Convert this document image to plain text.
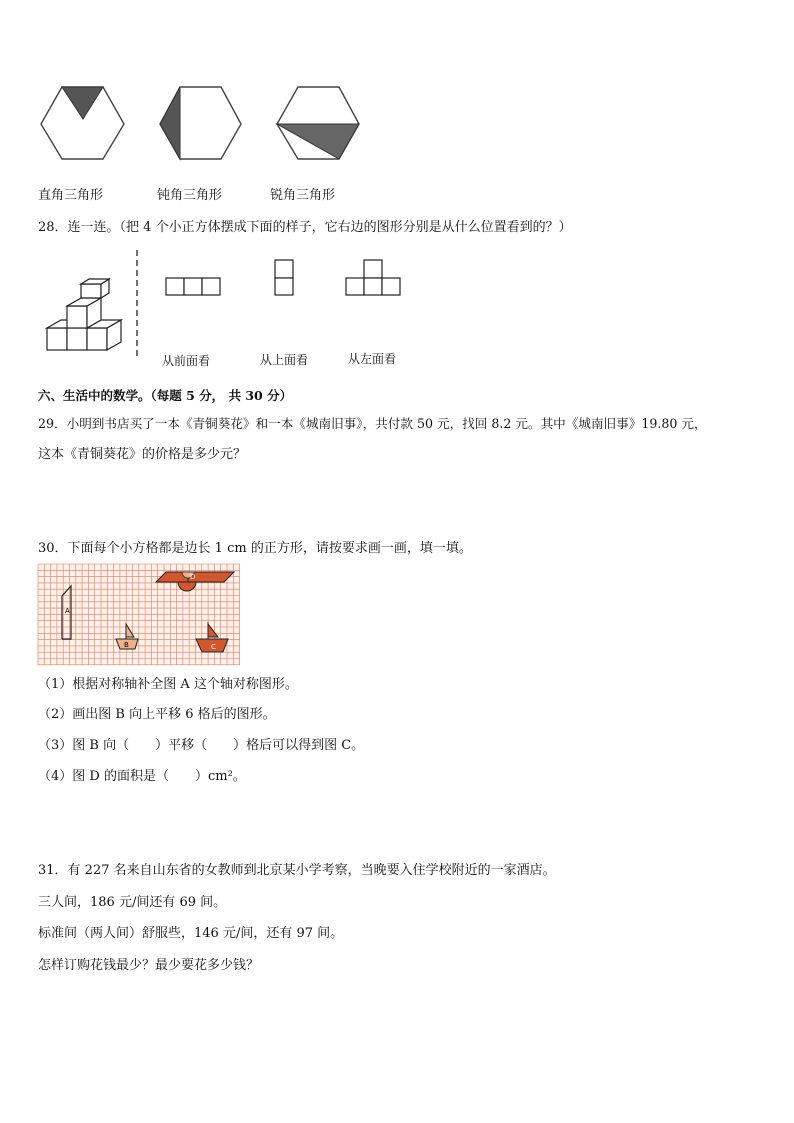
直角三角形	钝角三角形	锐角三角形
28．连一连。（把 4 个小正方体摆成下面的样子，它右边的图形分别是从什么位置看到的？）
从前面看	从上面看	从左面看
六、生活中的数学。（每题 5 分， 共 30 分）
29．小明到书店买了一本《青铜葵花》和一本《城南旧事》，共付款 50 元，找回 8.2 元。其中《城南旧事》19.80 元，
这本《青铜葵花》的价格是多少元？
30．下面每个小方格都是边长 1 cm 的正方形，请按要求画一画，填一填。
A
B	C
D
（1）根据对称轴补全图 A 这个轴对称图形。
（2）画出图 B 向上平移 6 格后的图形。
（3）图 B 向（　　）平移（　　）格后可以得到图 C。
（4）图 D 的面积是（　　）cm²。
31．有 227 名来自山东省的女教师到北京某小学考察，当晚要入住学校附近的一家酒店。
三人间，186 元/间还有 69 间。
标准间（两人间）舒服些，146 元/间，还有 97 间。
怎样订购花钱最少？最少要花多少钱？
